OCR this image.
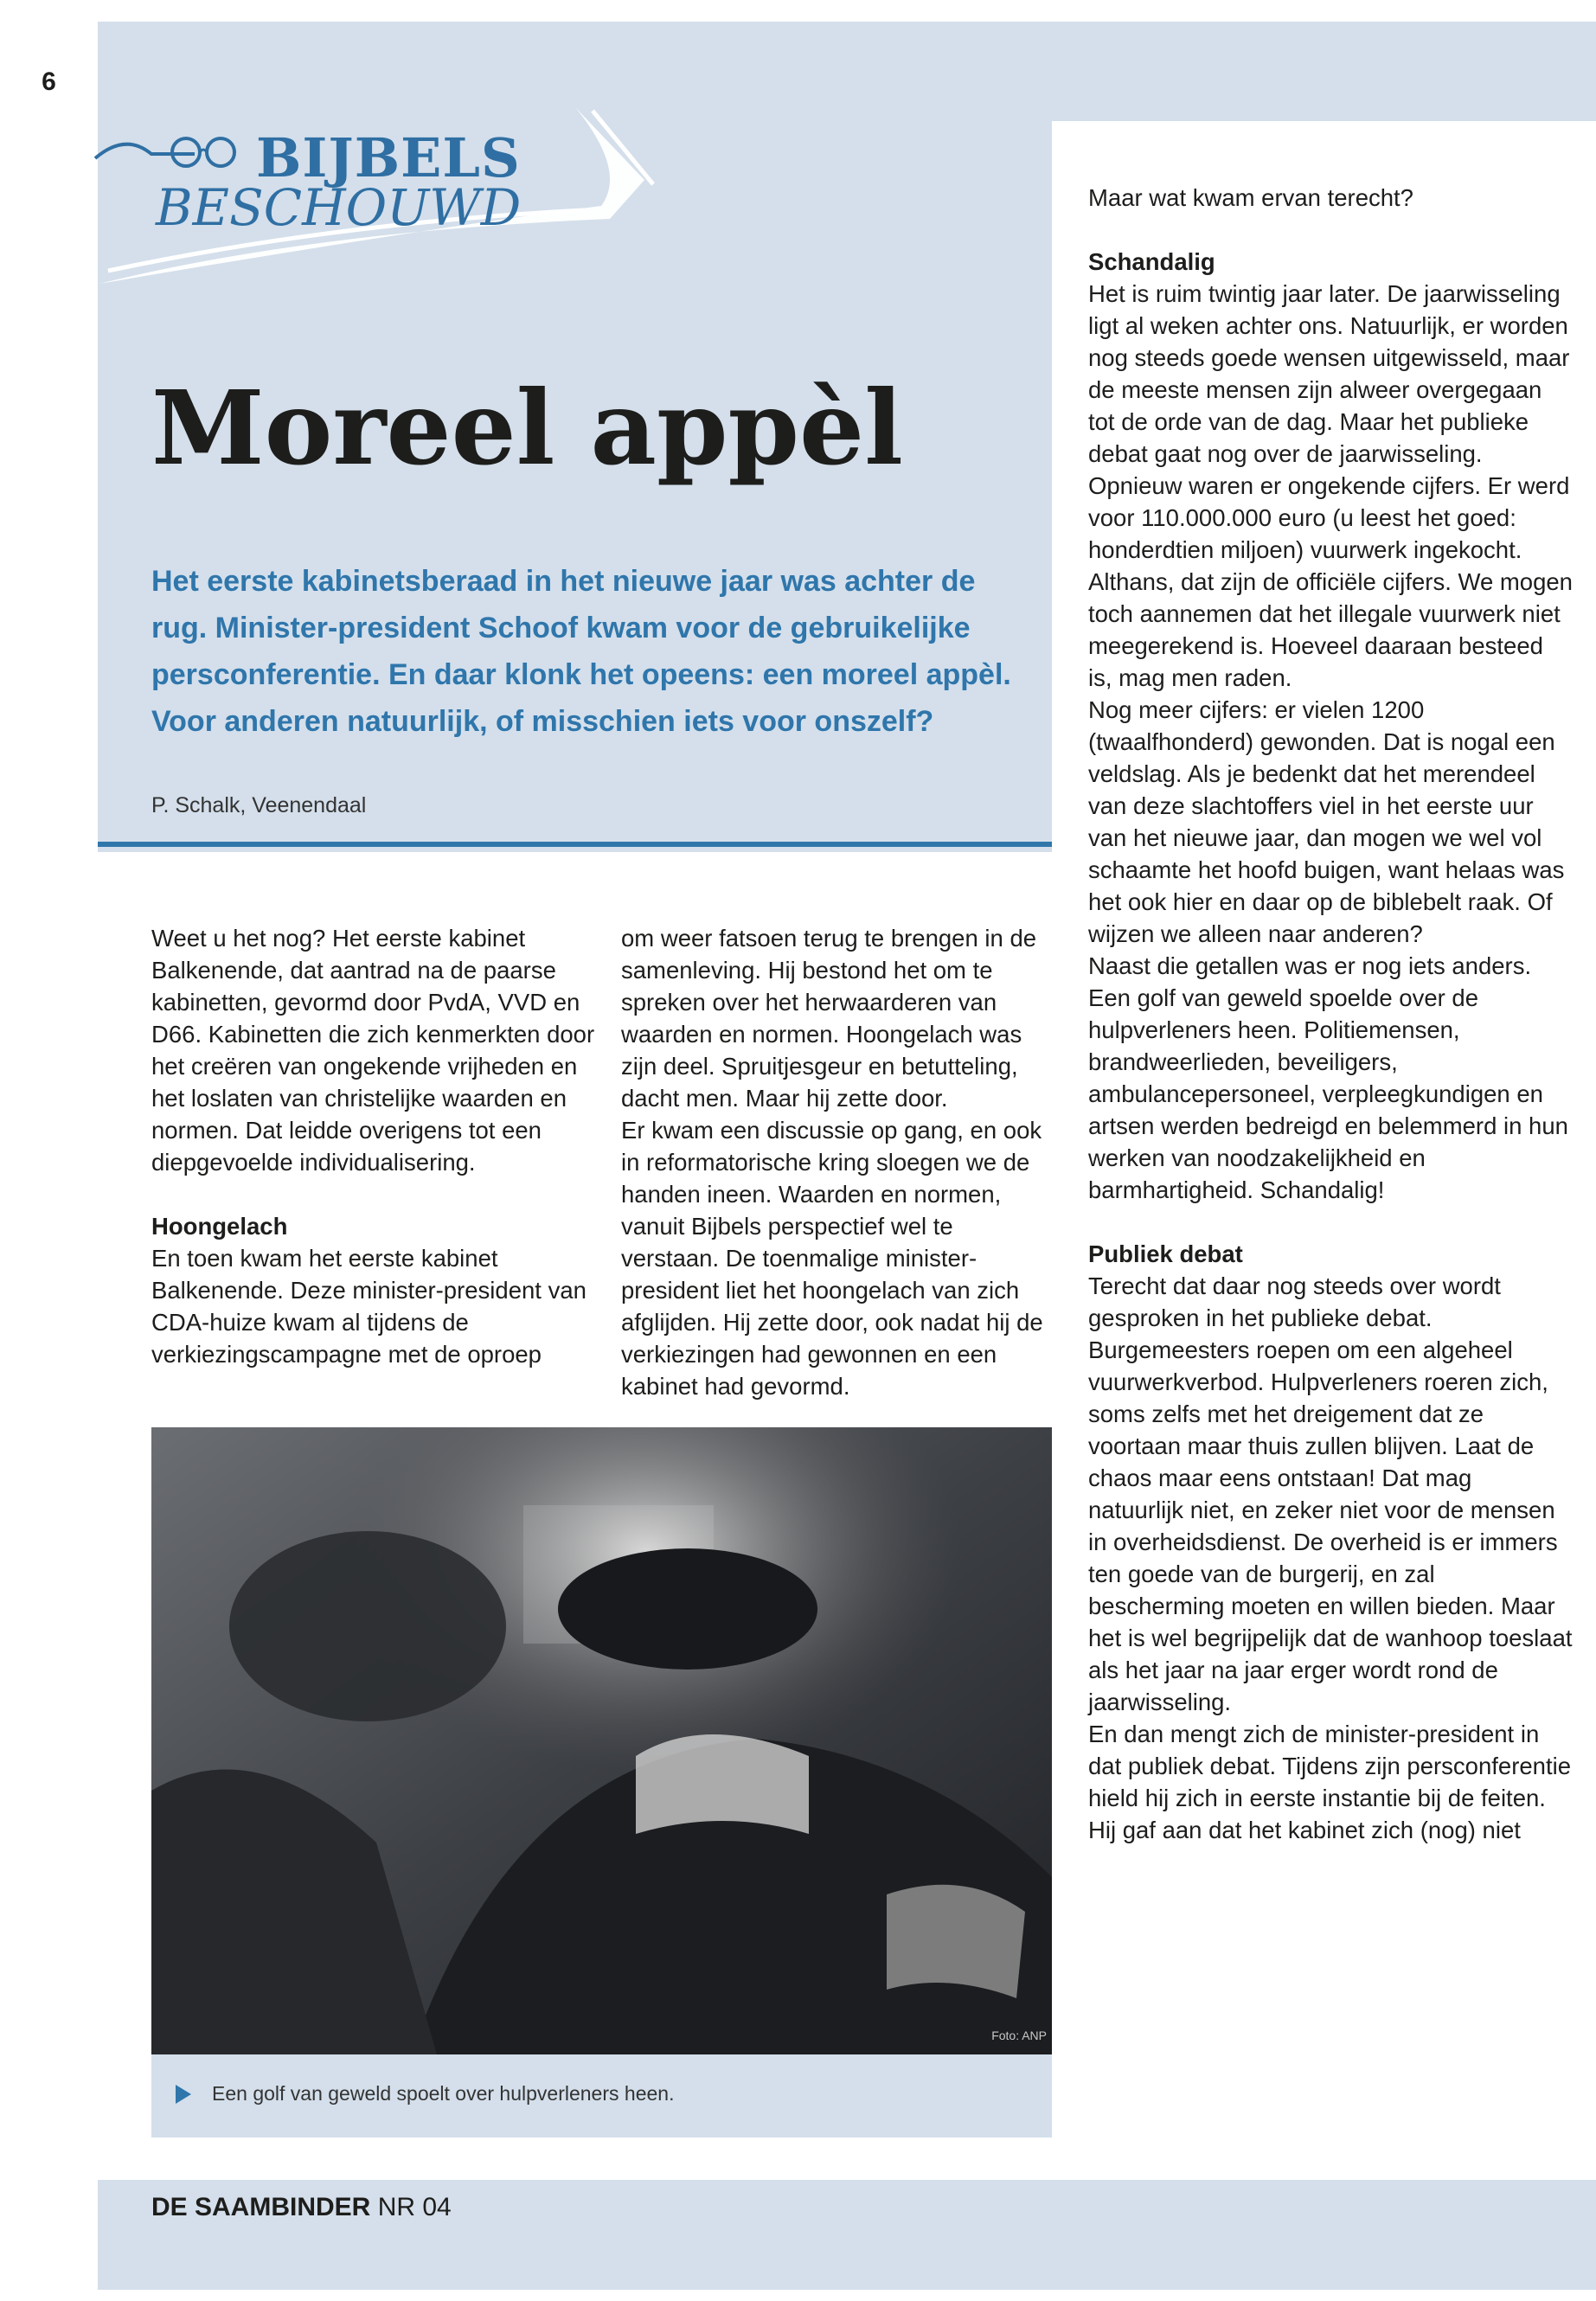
6
BIJBELS
BESCHOUWD
Moreel appèl

Het eerste kabinetsberaad in het nieuwe jaar was achter de rug. Minister-president Schoof kwam voor de gebruikelijke persconferentie. En daar klonk het opeens: een moreel appèl. Voor anderen natuurlijk, of misschien iets voor onszelf?

P. Schalk, Veenendaal

Weet u het nog? Het eerste kabinet Balkenende, dat aantrad na de paarse kabinetten, gevormd door PvdA, VVD en D66. Kabinetten die zich kenmerkten door het creëren van ongekende vrijheden en het loslaten van christelijke waarden en normen. Dat leidde overigens tot een diepgevoelde individualisering.

Hoongelach

En toen kwam het eerste kabinet Balkenende. Deze minister-president van CDA-huize kwam al tijdens de verkiezingscampagne met de oproep

om weer fatsoen terug te brengen in de samenleving. Hij bestond het om te spreken over het herwaarderen van waarden en normen. Hoongelach was zijn deel. Spruitjesgeur en betutteling, dacht men. Maar hij zette door.

Er kwam een discussie op gang, en ook in reformatorische kring sloegen we de handen ineen. Waarden en normen, vanuit Bijbels perspectief wel te verstaan. De toenmalige minister-president liet het hoongelach van zich afglijden. Hij zette door, ook nadat hij de verkiezingen had gewonnen en een kabinet had gevormd.

Maar wat kwam ervan terecht?

Schandalig

Het is ruim twintig jaar later. De jaarwisseling ligt al weken achter ons. Natuurlijk, er worden nog steeds goede wensen uitgewisseld, maar de meeste mensen zijn alweer overgegaan tot de orde van de dag. Maar het publieke debat gaat nog over de jaarwisseling.

Opnieuw waren er ongekende cijfers. Er werd voor 110.000.000 euro (u leest het goed: honderdtien miljoen) vuurwerk ingekocht. Althans, dat zijn de officiële cijfers. We mogen toch aannemen dat het illegale vuurwerk niet meegerekend is. Hoeveel daaraan besteed is, mag men raden.

Nog meer cijfers: er vielen 1200 (twaalfhonderd) gewonden. Dat is nogal een veldslag. Als je bedenkt dat het merendeel van deze slachtoffers viel in het eerste uur van het nieuwe jaar, dan mogen we wel vol schaamte het hoofd buigen, want helaas was het ook hier en daar op de biblebelt raak. Of wijzen we alleen naar anderen?

Naast die getallen was er nog iets anders. Een golf van geweld spoelde over de hulpverleners heen. Politiemensen, brandweerlieden, beveiligers, ambulancepersoneel, verpleegkundigen en artsen werden bedreigd en belemmerd in hun werken van noodzakelijkheid en barmhartigheid. Schandalig!

Publiek debat

Terecht dat daar nog steeds over wordt gesproken in het publieke debat. Burgemeesters roepen om een algeheel vuurwerkverbod. Hulpverleners roeren zich, soms zelfs met het dreigement dat ze voortaan maar thuis zullen blijven. Laat de chaos maar eens ontstaan! Dat mag natuurlijk niet, en zeker niet voor de mensen in overheidsdienst. De overheid is er immers ten goede van de burgerij, en zal bescherming moeten en willen bieden. Maar het is wel begrijpelijk dat de wanhoop toeslaat als het jaar na jaar erger wordt rond de jaarwisseling.

En dan mengt zich de minister-president in dat publiek debat. Tijdens zijn persconferentie hield hij zich in eerste instantie bij de feiten. Hij gaf aan dat het kabinet zich (nog) niet

Foto: ANP
Een golf van geweld spoelt over hulpverleners heen.
DE SAAMBINDER NR 04
